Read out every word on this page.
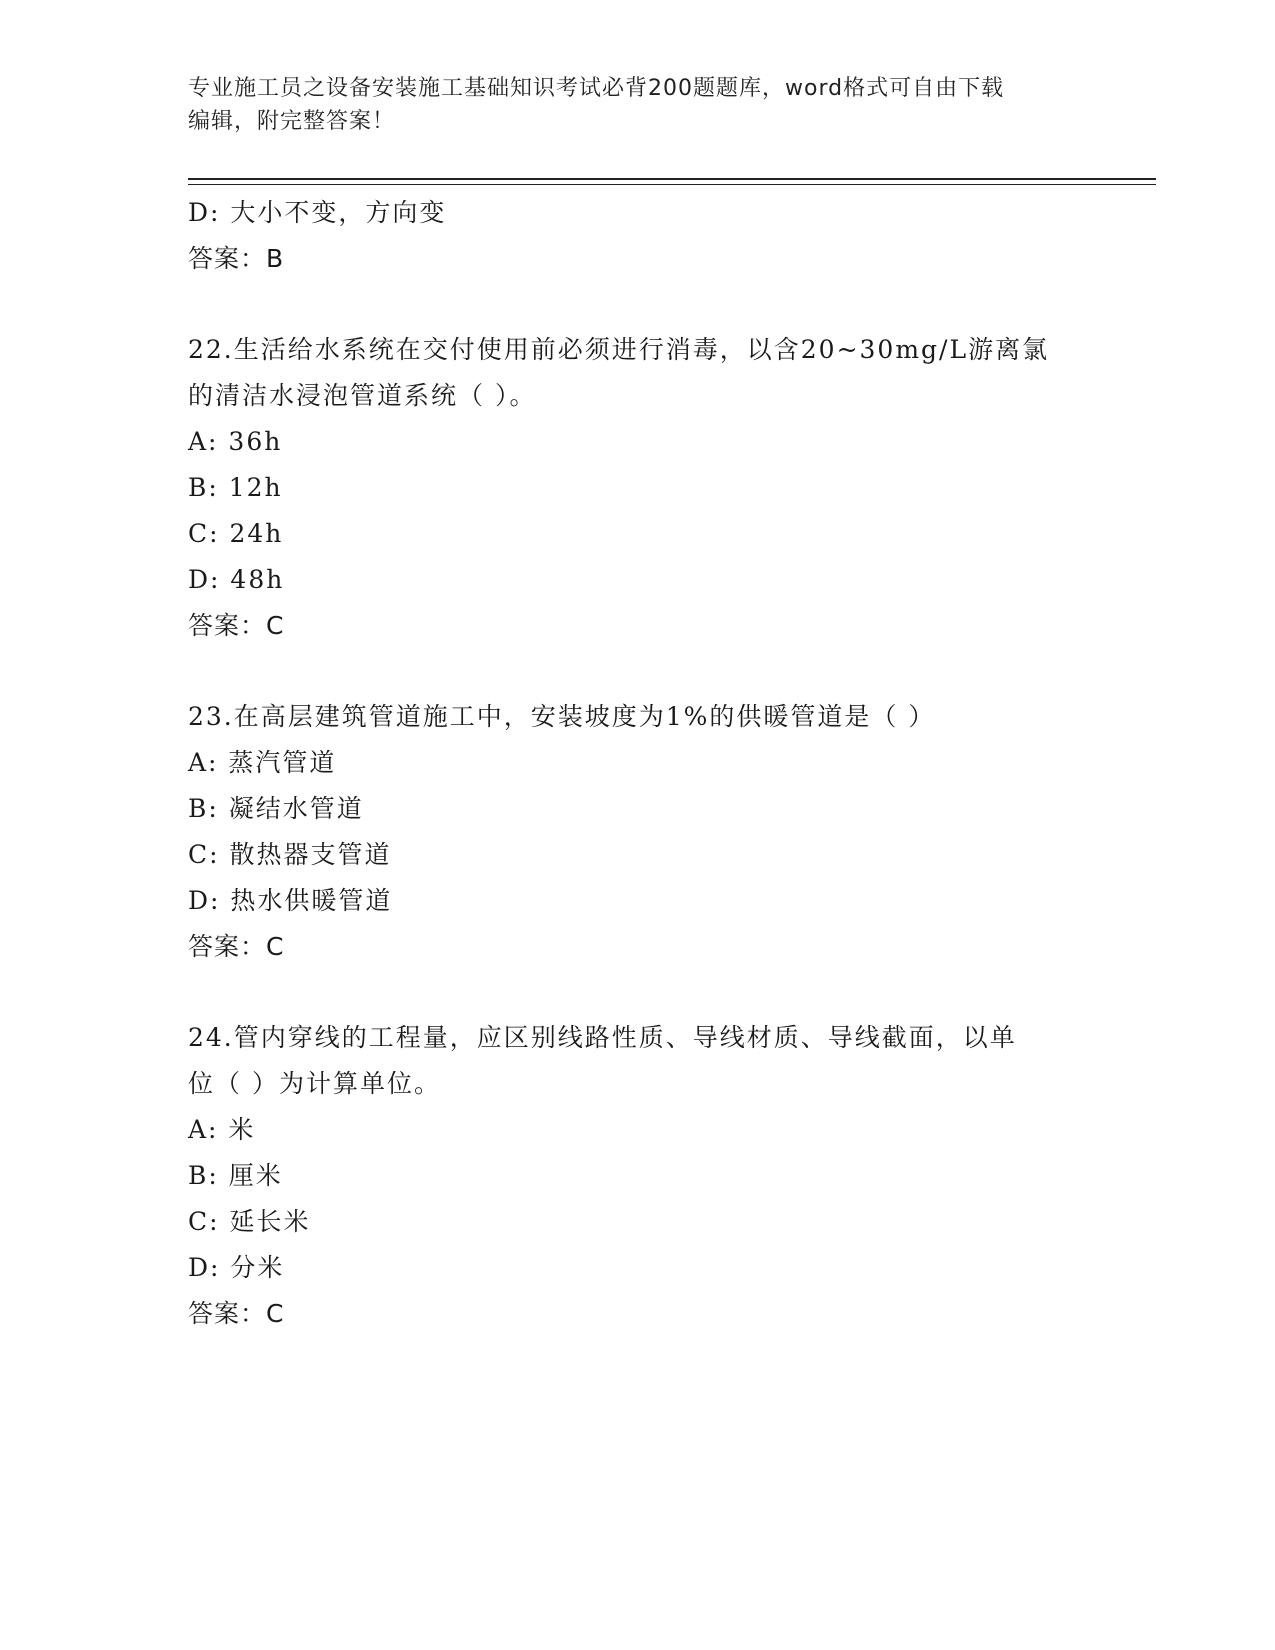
专业施工员之设备安装施工基础知识考试必背200题题库，word格式可自由下载
编辑，附完整答案！
D: 大小不变，方向变
答案：B
22.生活给水系统在交付使用前必须进行消毒，以含20~30mg/L游离氯
的清洁水浸泡管道系统（ ）。
A: 36h
B: 12h
C: 24h
D: 48h
答案：C
23.在高层建筑管道施工中，安装坡度为1%的供暖管道是（ ）
A: 蒸汽管道
B: 凝结水管道
C: 散热器支管道
D: 热水供暖管道
答案：C
24.管内穿线的工程量，应区别线路性质、导线材质、导线截面，以单
位（ ）为计算单位。
A: 米
B: 厘米
C: 延长米
D: 分米
答案：C
